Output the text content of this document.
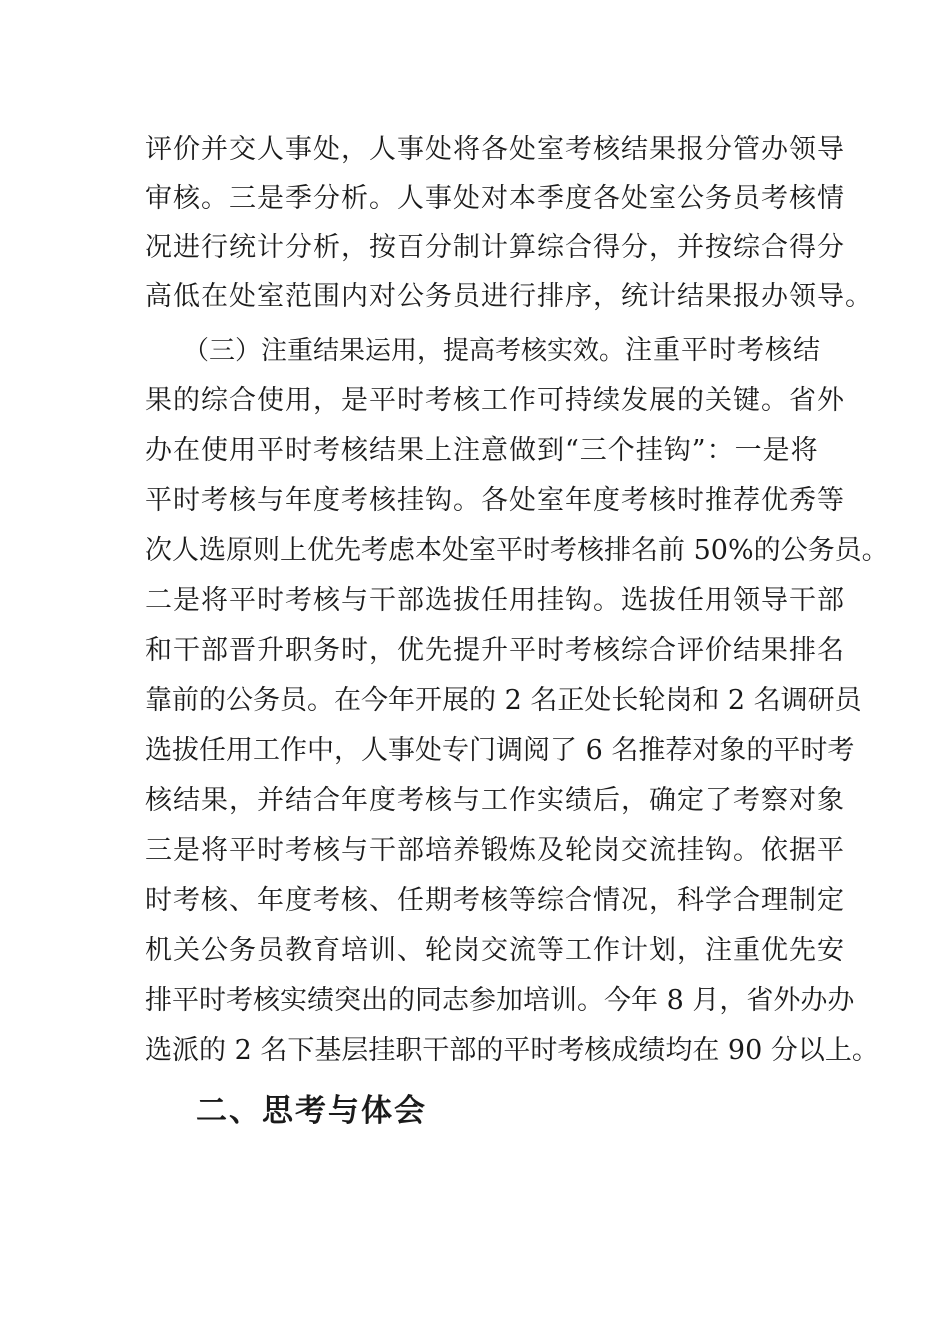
评价并交人事处，人事处将各处室考核结果报分管办领导
审核。三是季分析。人事处对本季度各处室公务员考核情
况进行统计分析，按百分制计算综合得分，并按综合得分
高低在处室范围内对公务员进行排序，统计结果报办领导。
（三）注重结果运用，提高考核实效。注重平时考核结
果的综合使用，是平时考核工作可持续发展的关键。省外
办在使用平时考核结果上注意做到“三个挂钩”：一是将
平时考核与年度考核挂钩。各处室年度考核时推荐优秀等
次人选原则上优先考虑本处室平时考核排名前 50%的公务员。
二是将平时考核与干部选拔任用挂钩。选拔任用领导干部
和干部晋升职务时，优先提升平时考核综合评价结果排名
靠前的公务员。在今年开展的 2 名正处长轮岗和 2 名调研员
选拔任用工作中，人事处专门调阅了 6 名推荐对象的平时考
核结果，并结合年度考核与工作实绩后，确定了考察对象
三是将平时考核与干部培养锻炼及轮岗交流挂钩。依据平
时考核、年度考核、任期考核等综合情况，科学合理制定
机关公务员教育培训、轮岗交流等工作计划，注重优先安
排平时考核实绩突出的同志参加培训。今年 8 月，省外办办
选派的 2 名下基层挂职干部的平时考核成绩均在 90 分以上。
二、思考与体会
